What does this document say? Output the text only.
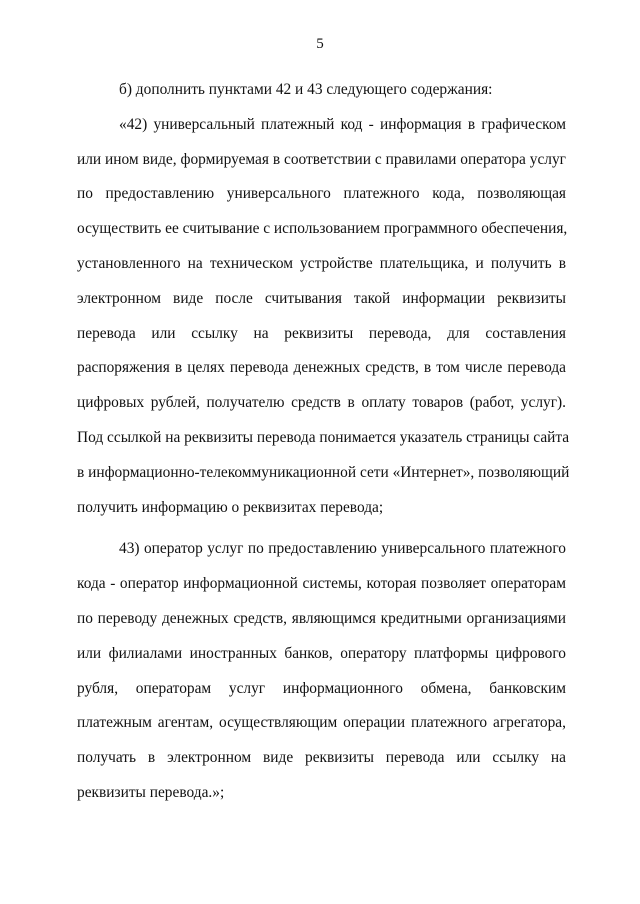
5
б) дополнить пунктами 42 и 43 следующего содержания:
«42) универсальный платежный код - информация в графическом
или ином виде, формируемая в соответствии с правилами оператора услуг
по предоставлению универсального платежного кода, позволяющая
осуществить ее считывание с использованием программного обеспечения,
установленного на техническом устройстве плательщика, и получить в
электронном виде после считывания такой информации реквизиты
перевода или ссылку на реквизиты перевода, для составления
распоряжения в целях перевода денежных средств, в том числе перевода
цифровых рублей, получателю средств в оплату товаров (работ, услуг).
Под ссылкой на реквизиты перевода понимается указатель страницы сайта
в информационно-телекоммуникационной сети «Интернет», позволяющий
получить информацию о реквизитах перевода;
43) оператор услуг по предоставлению универсального платежного
кода - оператор информационной системы, которая позволяет операторам
по переводу денежных средств, являющимся кредитными организациями
или филиалами иностранных банков, оператору платформы цифрового
рубля, операторам услуг информационного обмена, банковским
платежным агентам, осуществляющим операции платежного агрегатора,
получать в электронном виде реквизиты перевода или ссылку на
реквизиты перевода.»;
